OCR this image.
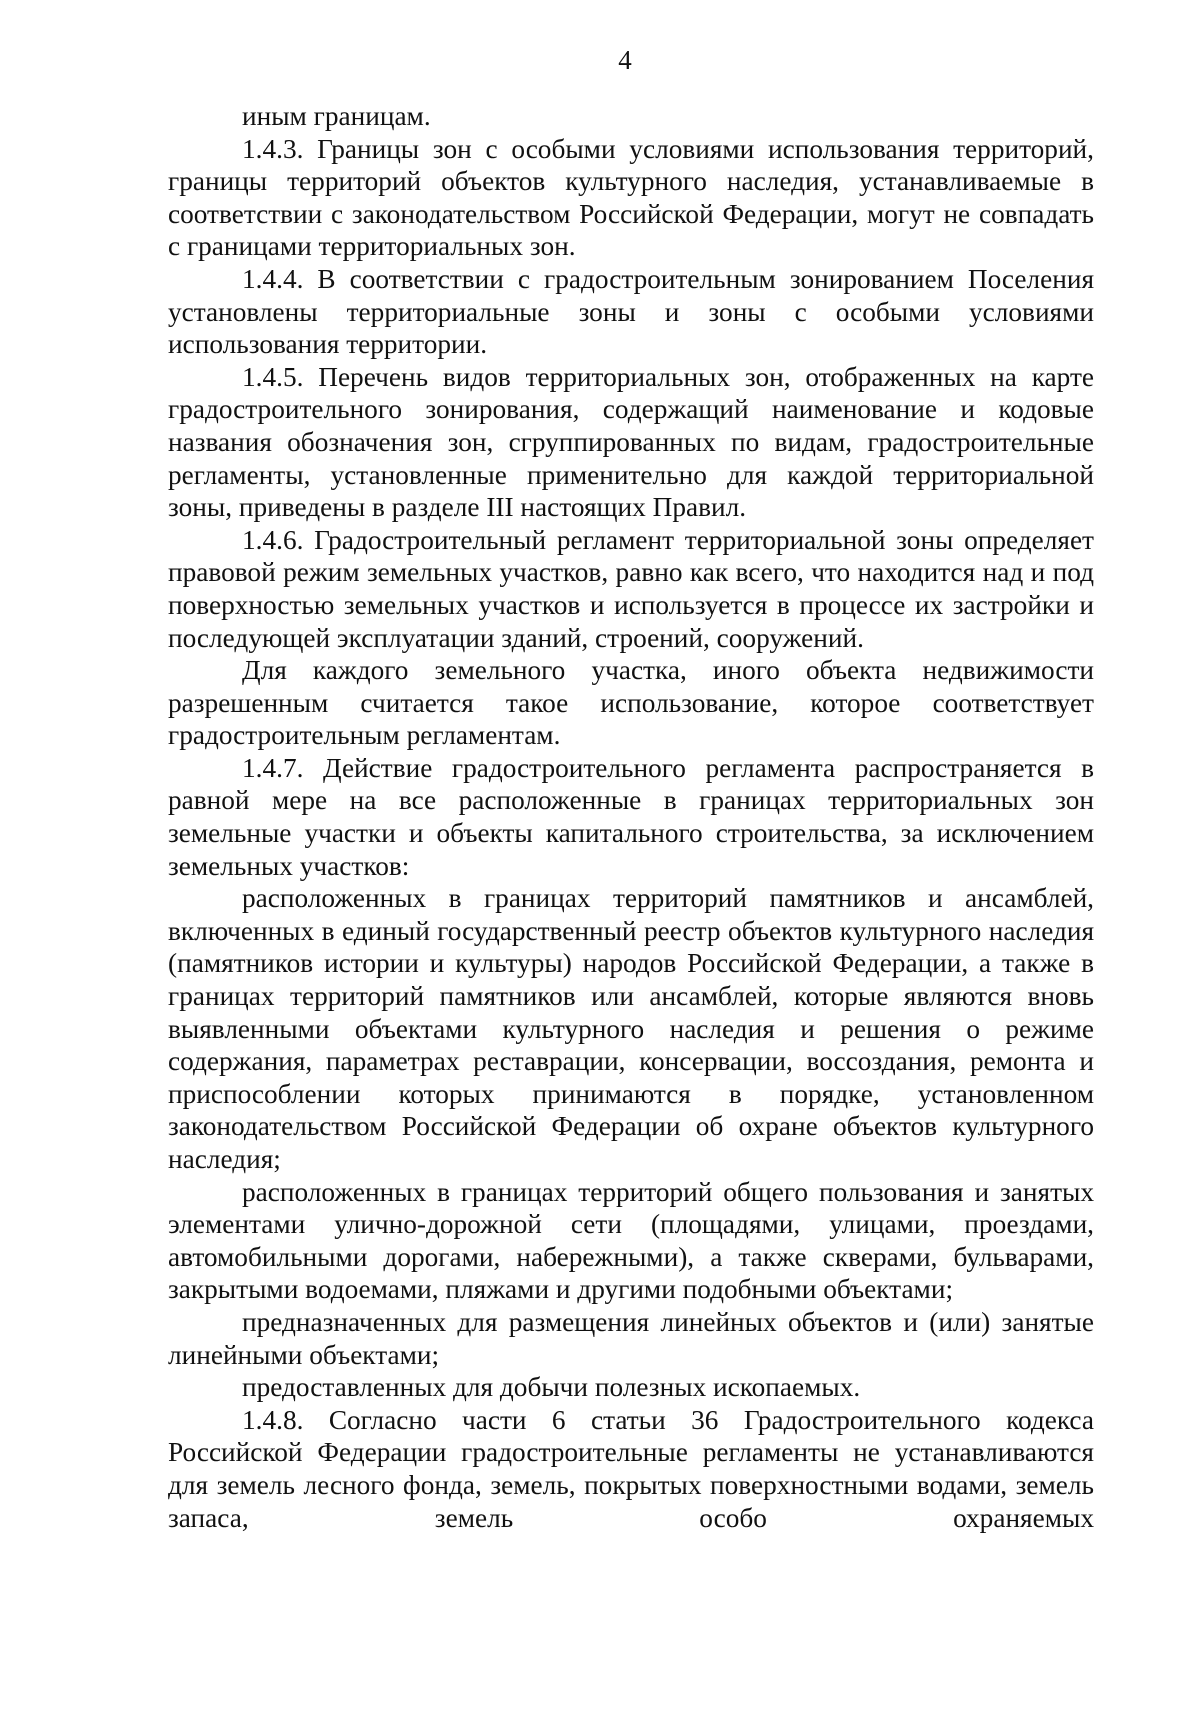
4

иным границам.

1.4.3. Границы зон с особыми условиями использования территорий, границы территорий объектов культурного наследия, устанавливаемые в соответствии с законодательством Российской Федерации, могут не совпадать с границами территориальных зон.

1.4.4. В соответствии с градостроительным зонированием Поселения установлены территориальные зоны и зоны с особыми условиями использования территории.

1.4.5. Перечень видов территориальных зон, отображенных на карте градостроительного зонирования, содержащий наименование и кодовые названия обозначения зон, сгруппированных по видам, градостроительные регламенты, установленные применительно для каждой территориальной зоны, приведены в разделе III настоящих Правил.

1.4.6. Градостроительный регламент территориальной зоны определяет правовой режим земельных участков, равно как всего, что находится над и под поверхностью земельных участков и используется в процессе их застройки и последующей эксплуатации зданий, строений, сооружений.

Для каждого земельного участка, иного объекта недвижимости разрешенным считается такое использование, которое соответствует градостроительным регламентам.

1.4.7. Действие градостроительного регламента распространяется в равной мере на все расположенные в границах территориальных зон земельные участки и объекты капитального строительства, за исключением земельных участков:

расположенных в границах территорий памятников и ансамблей, включенных в единый государственный реестр объектов культурного наследия (памятников истории и культуры) народов Российской Федерации, а также в границах территорий памятников или ансамблей, которые являются вновь выявленными объектами культурного наследия и решения о режиме содержания, параметрах реставрации, консервации, воссоздания, ремонта и приспособлении которых принимаются в порядке, установленном законодательством Российской Федерации об охране объектов культурного наследия;

расположенных в границах территорий общего пользования и занятых элементами улично-дорожной сети (площадями, улицами, проездами, автомобильными дорогами, набережными), а также скверами, бульварами, закрытыми водоемами, пляжами и другими подобными объектами;

предназначенных для размещения линейных объектов и (или) занятые линейными объектами;

предоставленных для добычи полезных ископаемых.

1.4.8. Согласно части 6 статьи 36 Градостроительного кодекса Российской Федерации градостроительные регламенты не устанавливаются для земель лесного фонда, земель, покрытых поверхностными водами, земель запаса, земель особо охраняемых
